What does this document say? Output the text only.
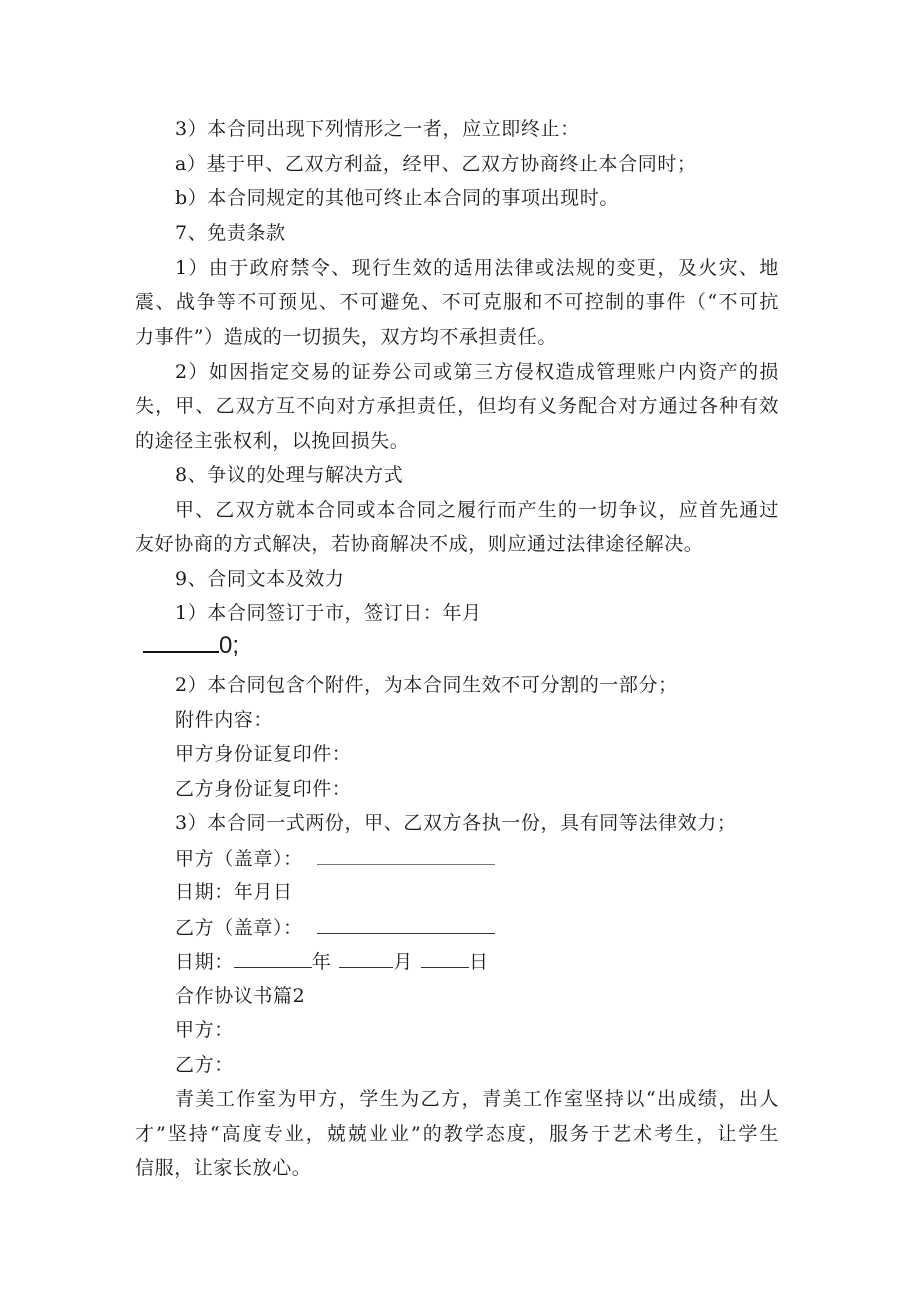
3）本合同出现下列情形之一者，应立即终止：
a）基于甲、乙双方利益，经甲、乙双方协商终止本合同时；
b）本合同规定的其他可终止本合同的事项出现时。
7、免责条款
1）由于政府禁令、现行生效的适用法律或法规的变更，及火灾、地
震、战争等不可预见、不可避免、不可克服和不可控制的事件（“不可抗
力事件”）造成的一切损失，双方均不承担责任。
2）如因指定交易的证券公司或第三方侵权造成管理账户内资产的损
失，甲、乙双方互不向对方承担责任，但均有义务配合对方通过各种有效
的途径主张权利，以挽回损失。
8、争议的处理与解决方式
甲、乙双方就本合同或本合同之履行而产生的一切争议，应首先通过
友好协商的方式解决，若协商解决不成，则应通过法律途径解决。
9、合同文本及效力
1）本合同签订于市，签订日：年月
0;
2）本合同包含个附件，为本合同生效不可分割的一部分；
附件内容：
甲方身份证复印件：
乙方身份证复印件：
3）本合同一式两份，甲、乙双方各执一份，具有同等法律效力；
甲方（盖章）：
日期：年月日
乙方（盖章）：
日期：	年	月	日
合作协议书篇2
甲方：
乙方：
青美工作室为甲方，学生为乙方，青美工作室坚持以“出成绩，出人
才”坚持“高度专业，兢兢业业”的教学态度，服务于艺术考生，让学生
信服，让家长放心。
